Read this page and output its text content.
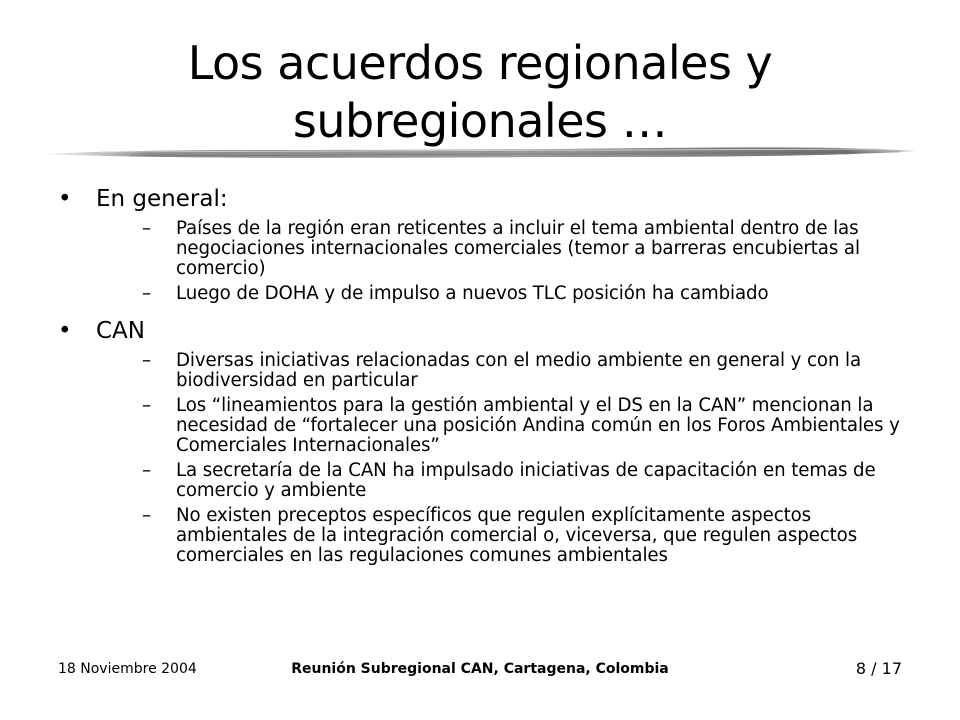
Los acuerdos regionales y
subregionales …
• En general:
– Países de la región eran reticentes a incluir el tema ambiental dentro de las negociaciones internacionales comerciales (temor a barreras encubiertas al comercio)
– Luego de DOHA y de impulso a nuevos TLC posición ha cambiado
• CAN
– Diversas iniciativas relacionadas con el medio ambiente en general y con la biodiversidad en particular
– Los “lineamientos para la gestión ambiental y el DS en la CAN” mencionan la necesidad de “fortalecer una posición Andina común en los Foros Ambientales y Comerciales Internacionales”
– La secretaría de la CAN ha impulsado iniciativas de capacitación en temas de comercio y ambiente
– No existen preceptos específicos que regulen explícitamente aspectos ambientales de la integración comercial o, viceversa, que regulen aspectos comerciales en las regulaciones comunes ambientales
18 Noviembre 2004	Reunión Subregional CAN, Cartagena, Colombia	8 / 17
